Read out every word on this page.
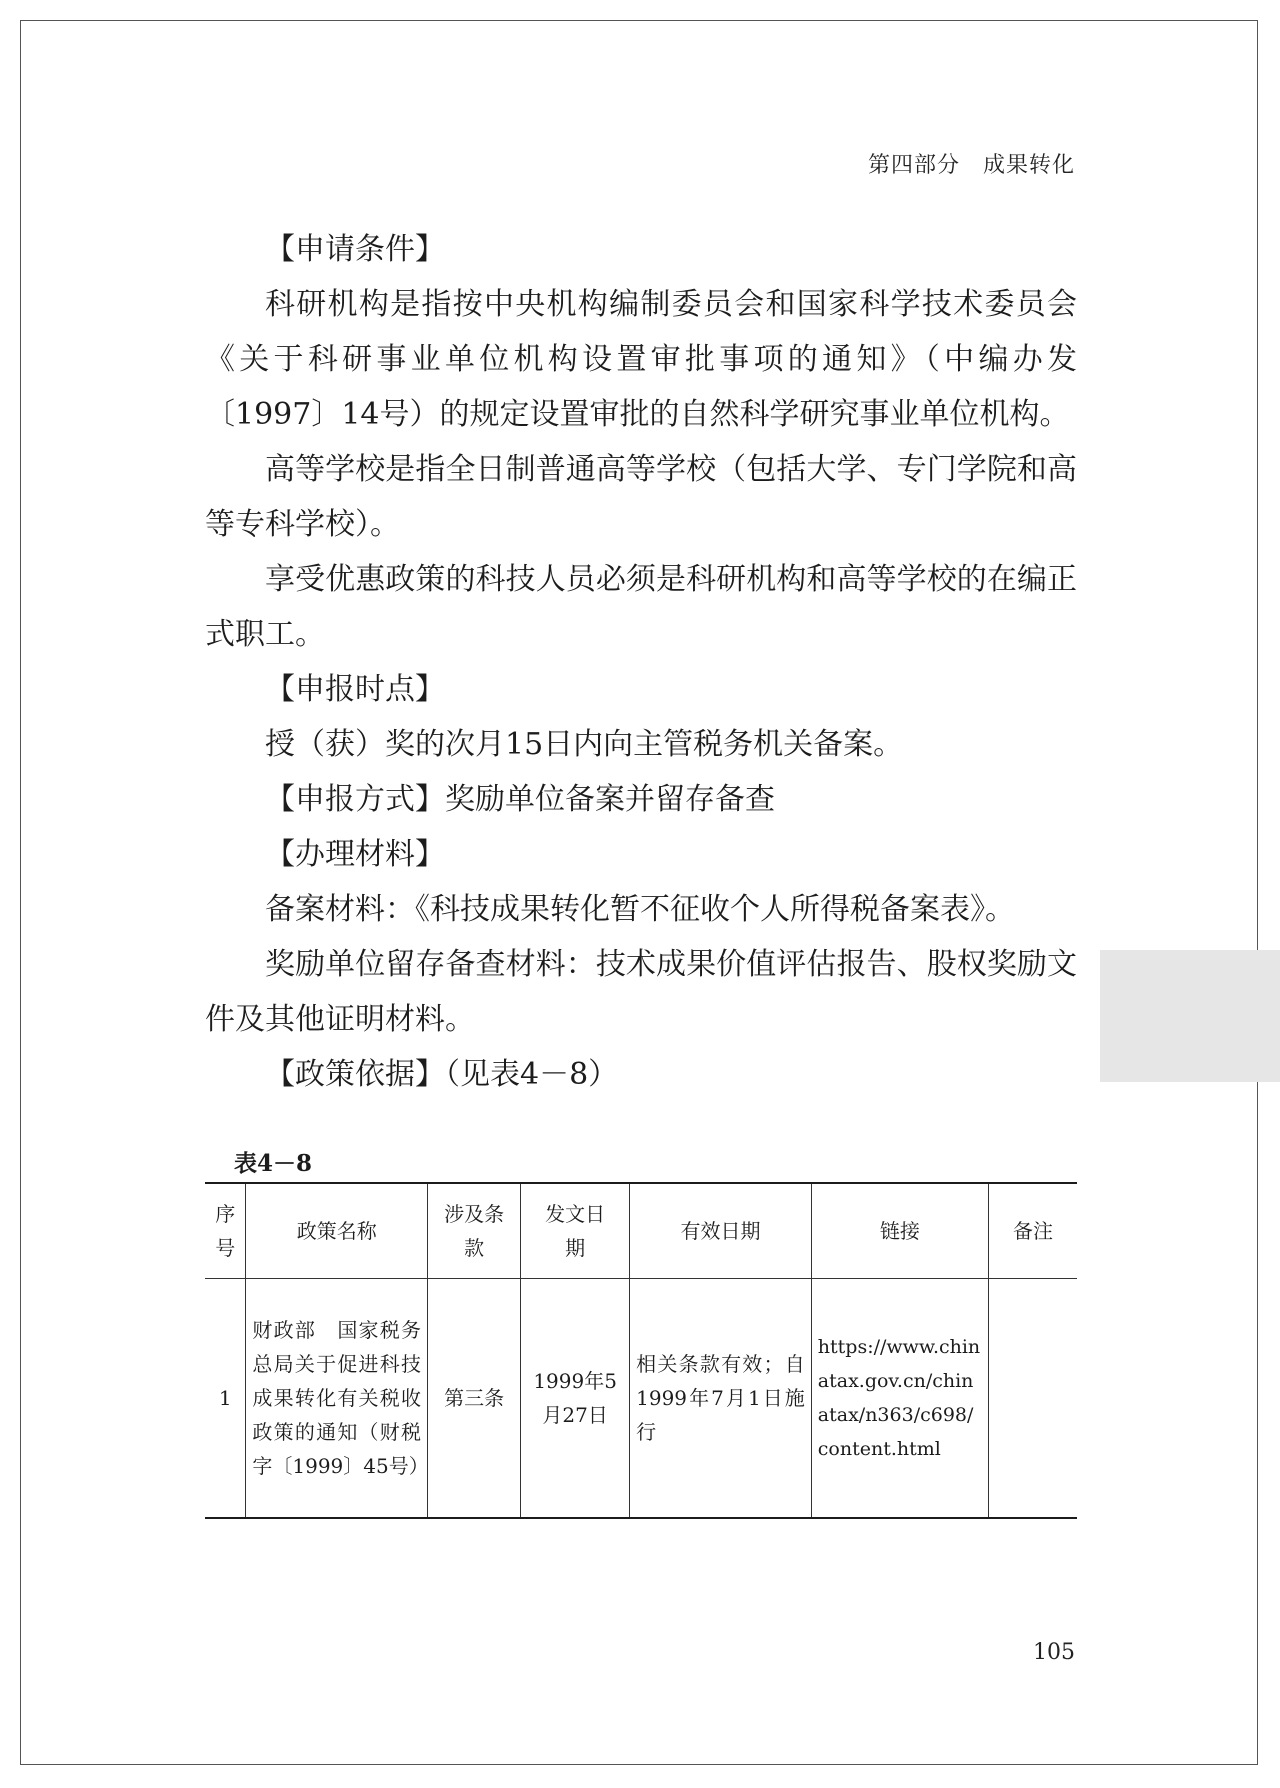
第四部分　成果转化

【申请条件】

科研机构是指按中央机构编制委员会和国家科学技术委员会《关于科研事业单位机构设置审批事项的通知》（中编办发〔1997〕14号）的规定设置审批的自然科学研究事业单位机构。

高等学校是指全日制普通高等学校（包括大学、专门学院和高等专科学校）。

享受优惠政策的科技人员必须是科研机构和高等学校的在编正式职工。

【申报时点】

授（获）奖的次月15日内向主管税务机关备案。

【申报方式】奖励单位备案并留存备查

【办理材料】

备案材料：《科技成果转化暂不征收个人所得税备案表》。

奖励单位留存备查材料：技术成果价值评估报告、股权奖励文件及其他证明材料。

【政策依据】（见表4－8）

表4－8
序号	政策名称	涉及条款	发文日期	有效日期	链接	备注
1	财政部　国家税务总局关于促进科技成果转化有关税收政策的通知（财税字〔1999〕45号）	第三条	1999年5月27日	相关条款有效；自1999年7月1日施行	https://www.chinatax.gov.cn/chinatax/n363/c698/content.html	
105
